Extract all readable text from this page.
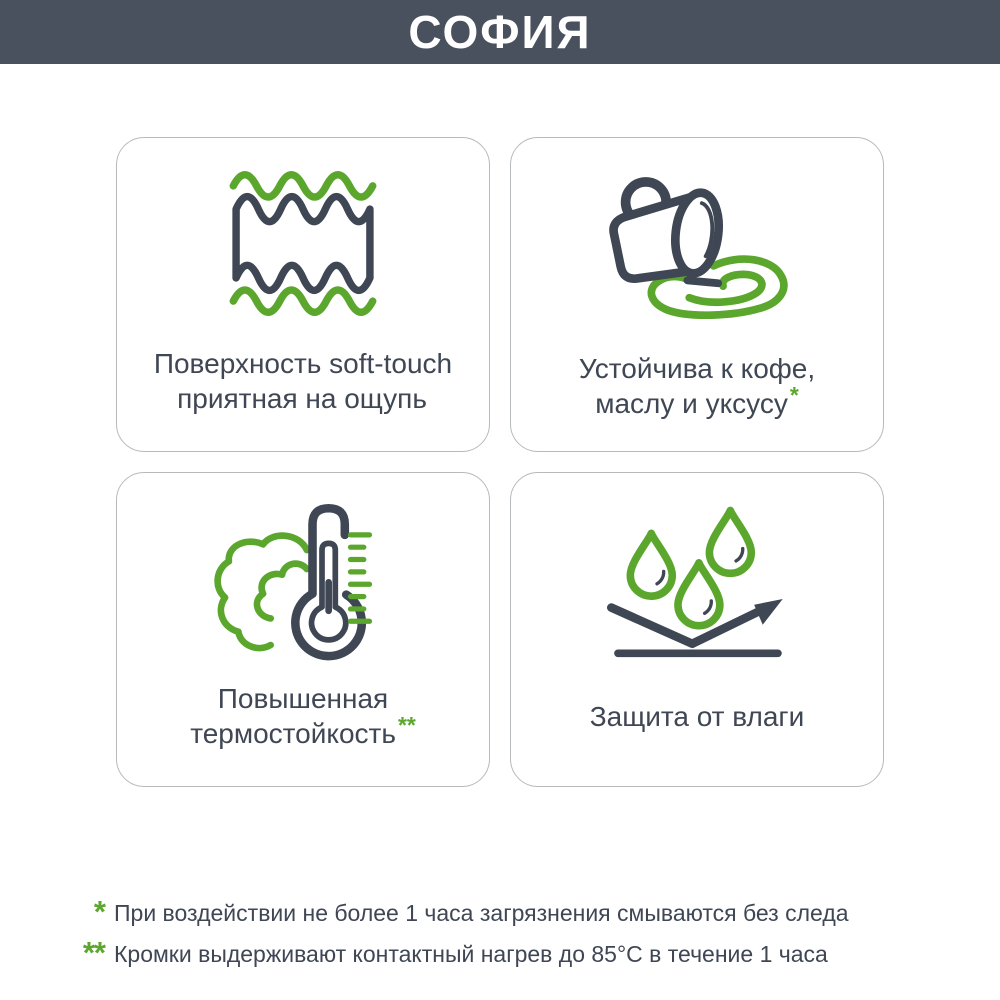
СОФИЯ
Поверхность soft-touch
приятная на ощупь
Устойчива к кофе,
маслу и уксусу*
Повышенная
термостойкость**	Защита от влаги
* При воздействии не более 1 часа загрязнения смываются без следа
** Кромки выдерживают контактный нагрев до 85°С в течение 1 часа
